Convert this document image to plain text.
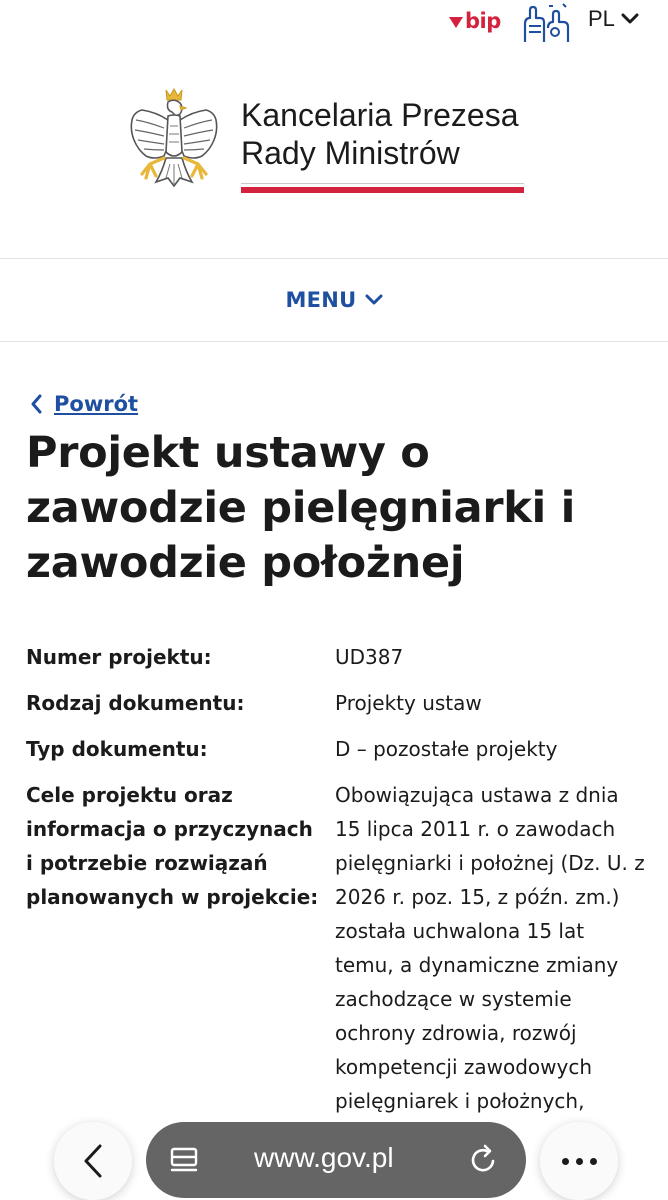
bip	PL
Kancelaria Prezesa
Rady Ministrów
MENU
Powrót
Projekt ustawy o zawodzie pielęgniarki i zawodzie położnej
Numer projektu:	UD387
Rodzaj dokumentu:	Projekty ustaw
Typ dokumentu:	D – pozostałe projekty
Cele projektu oraz informacja o przyczynach i potrzebie rozwiązań planowanych w projekcie:
Obowiązująca ustawa z dnia 15 lipca 2011 r. o zawodach pielęgniarki i położnej (Dz. U. z 2026 r. poz. 15, z późn. zm.) została uchwalona 15 lat temu, a dynamiczne zmiany zachodzące w systemie ochrony zdrowia, rozwój kompetencji zawodowych pielęgniarek i położnych,
www.gov.pl
